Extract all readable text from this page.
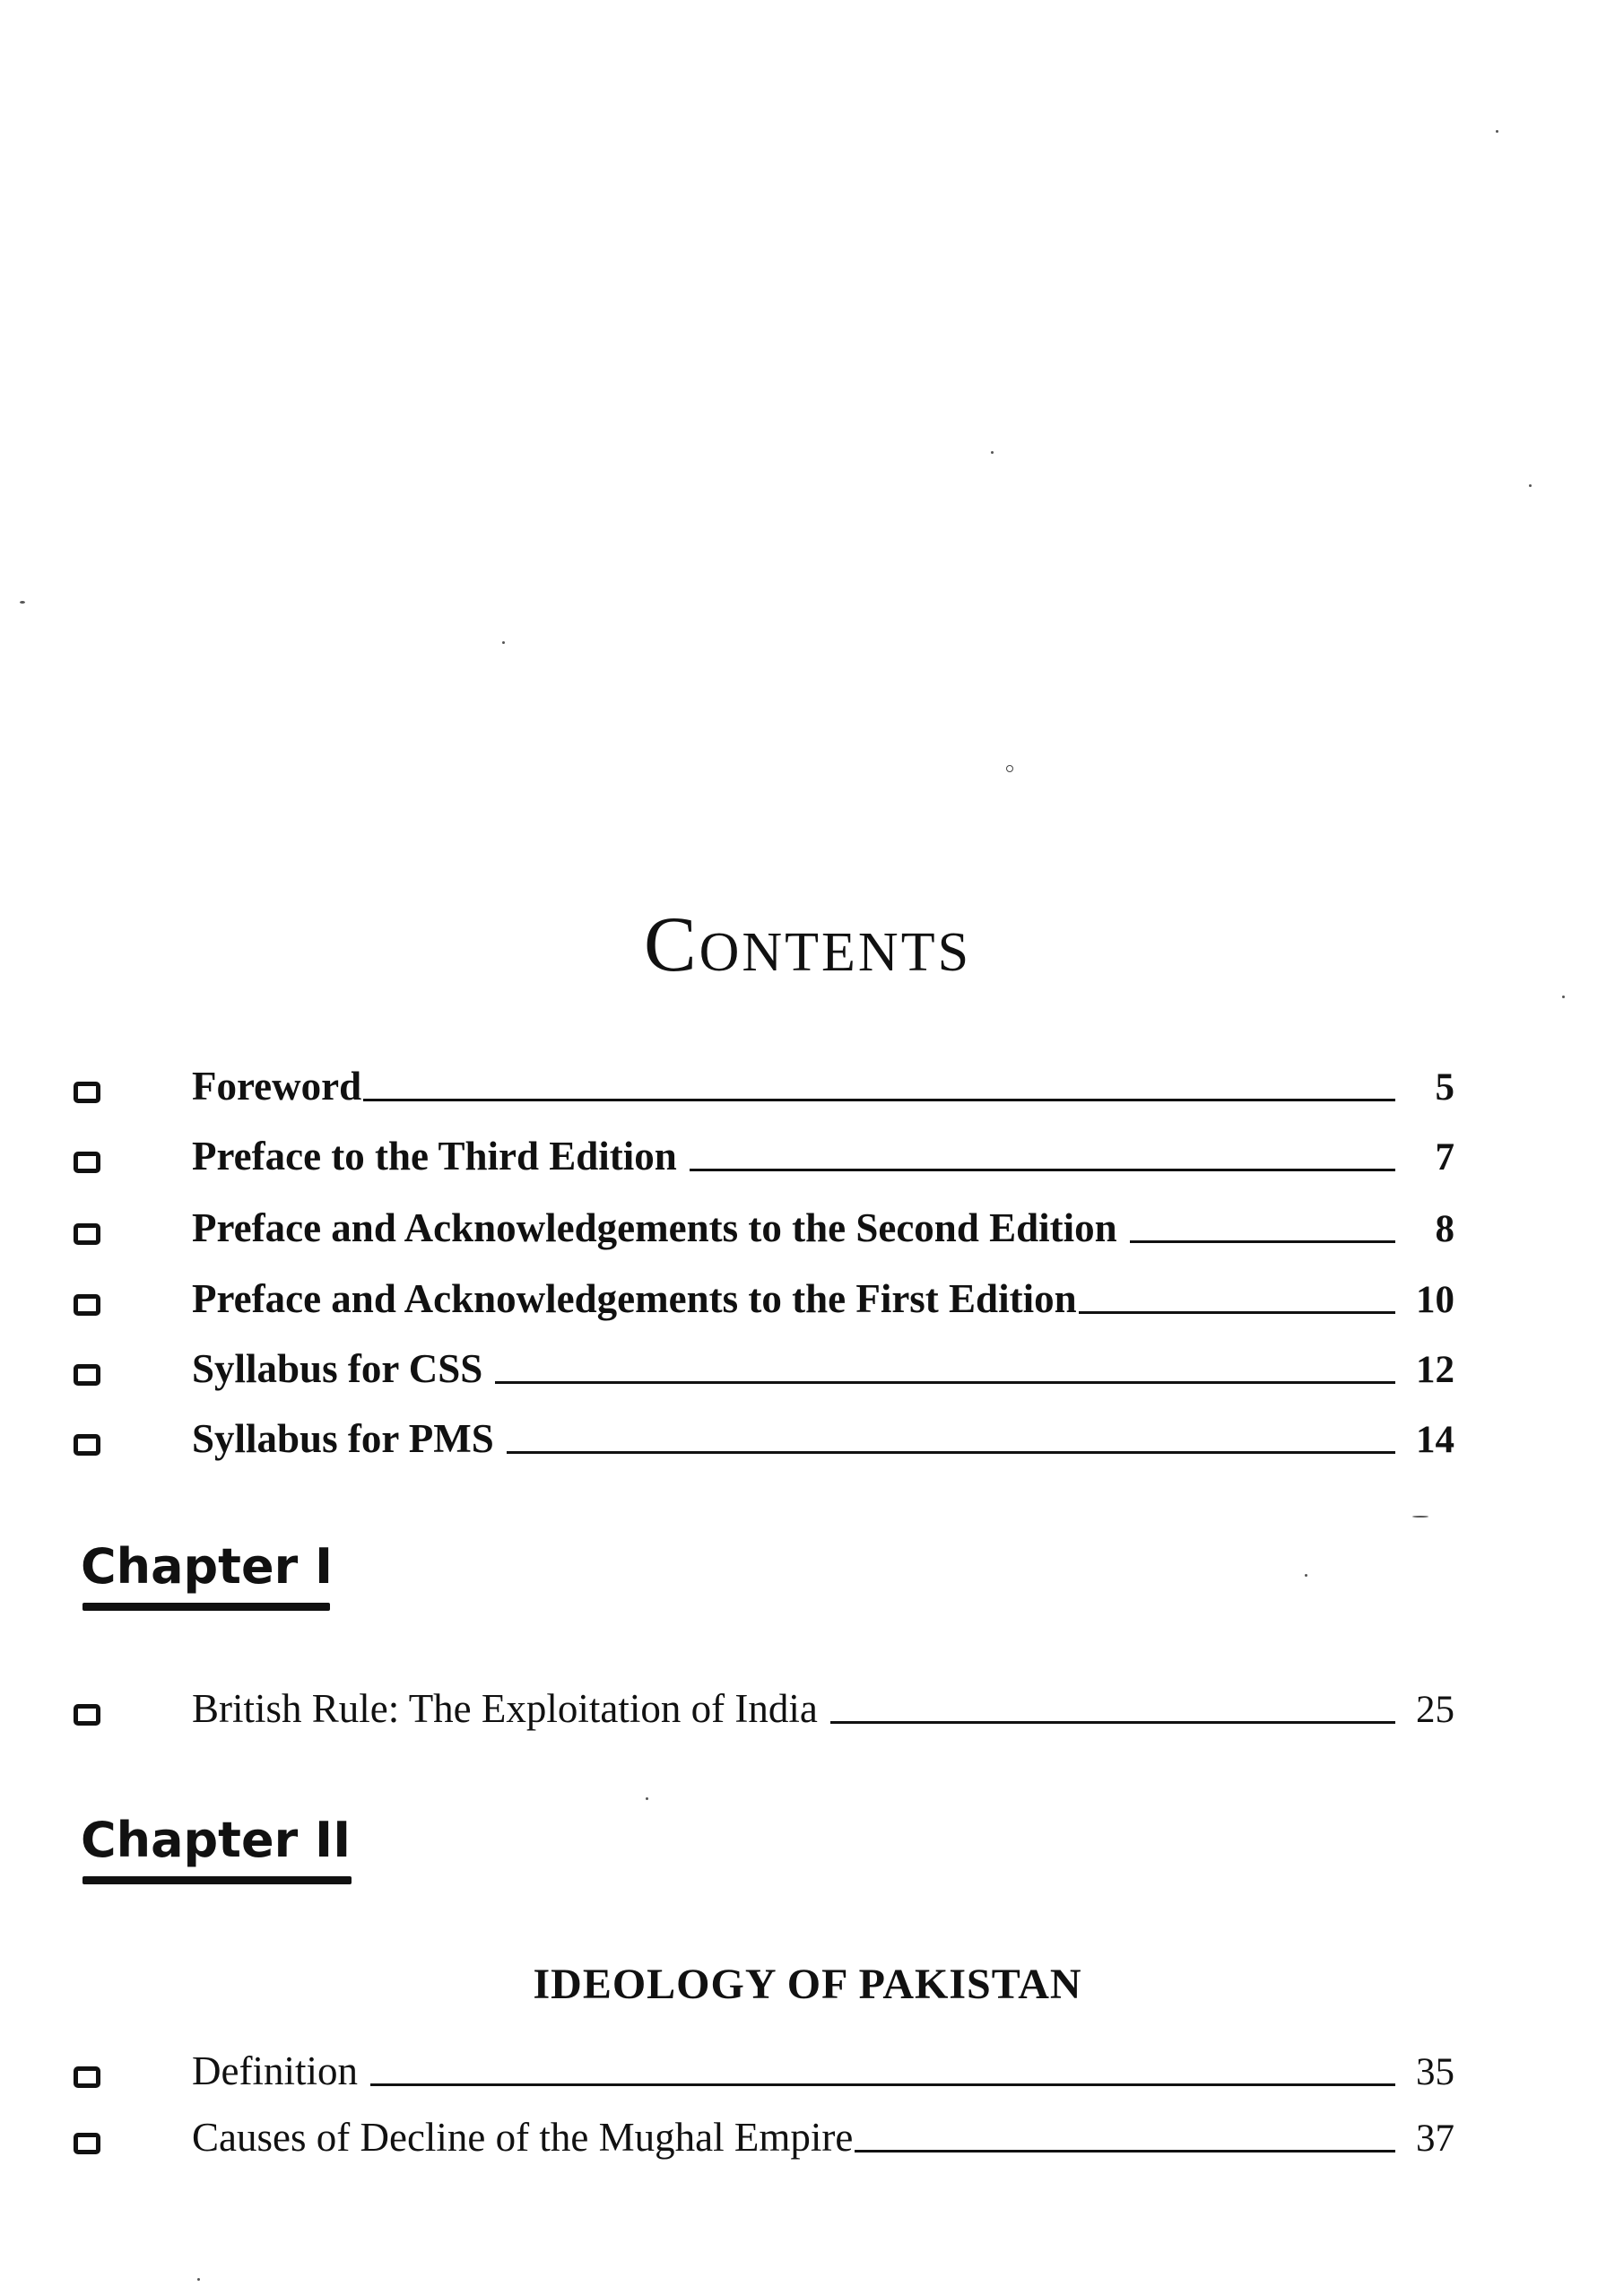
Contents
Foreword	5
Preface to the Third Edition	7
Preface and Acknowledgements to the Second Edition	8
Preface and Acknowledgements to the First Edition	10
Syllabus for CSS	12
Syllabus for PMS	14
Chapter I
British Rule: The Exploitation of India	25
Chapter II
IDEOLOGY OF PAKISTAN
Definition	35
Causes of Decline of the Mughal Empire	37
